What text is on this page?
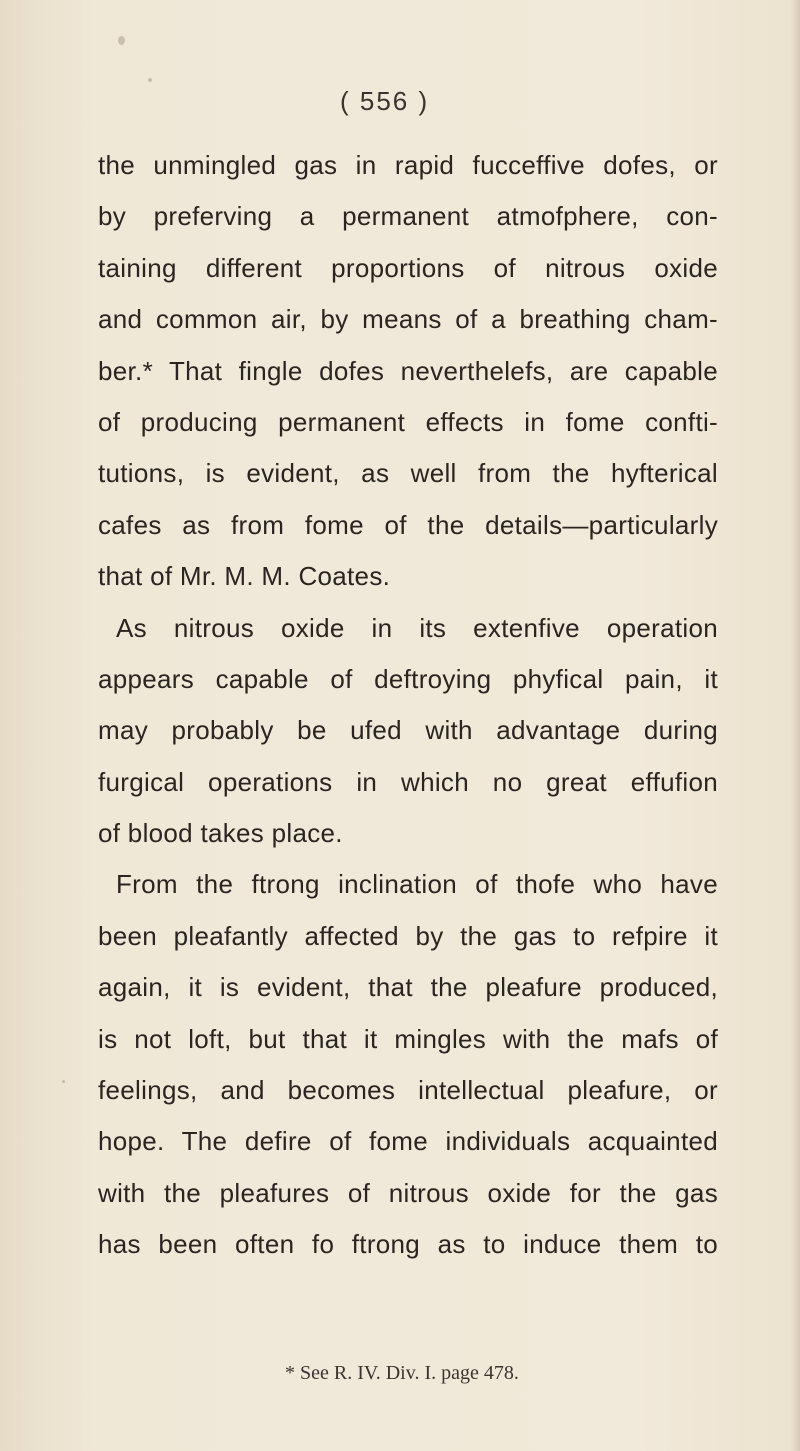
( 556 )
the unmingled gas in rapid fucceffive dofes, or
by preferving a permanent atmofphere, con-
taining different proportions of nitrous oxide
and common air, by means of a breathing cham-
ber.* That fingle dofes neverthelefs, are capable
of producing permanent effects in fome confti-
tutions, is evident, as well from the hyfterical
cafes as from fome of the details—particularly
that of Mr. M. M. Coates.
As nitrous oxide in its extenfive operation
appears capable of deftroying phyfical pain, it
may probably be ufed with advantage during
furgical operations in which no great effufion
of blood takes place.
From the ftrong inclination of thofe who have
been pleafantly affected by the gas to refpire it
again, it is evident, that the pleafure produced,
is not loft, but that it mingles with the mafs of
feelings, and becomes intellectual pleafure, or
hope. The defire of fome individuals acquainted
with the pleafures of nitrous oxide for the gas
has been often fo ftrong as to induce them to
* See R. IV. Div. I. page 478.
